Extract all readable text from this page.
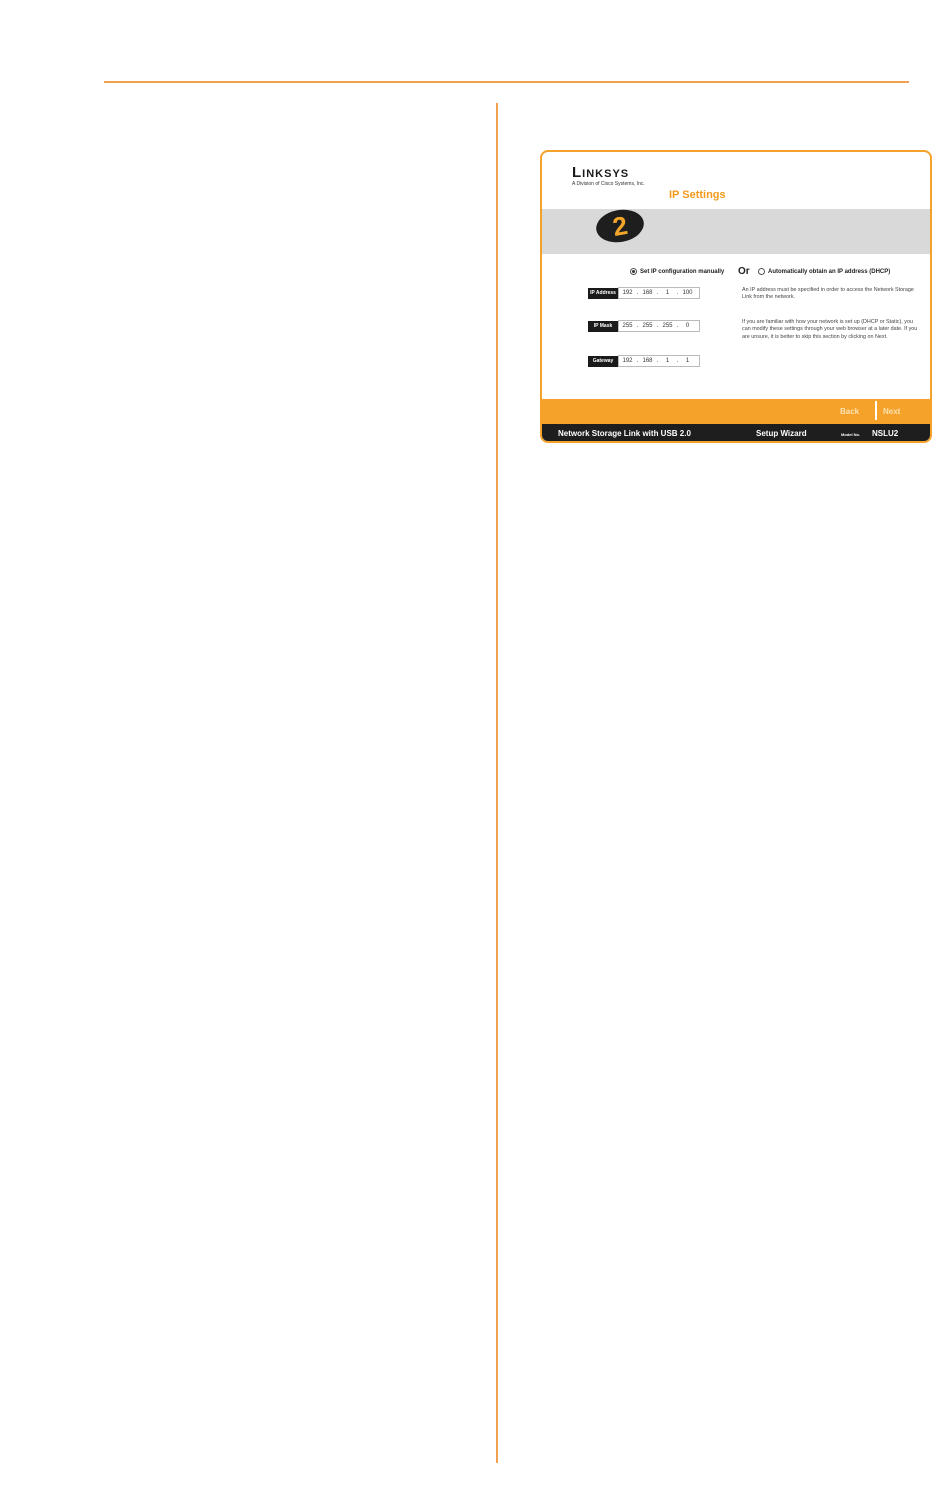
Linksys
A Division of Cisco Systems, Inc.
IP Settings
2
Set IP configuration manually Or	Automatically obtain an IP address (DHCP)
IP Address	192 . 168 .	1	. 100
IP Mask	255 . 255 . 255 .	0
Gateway	192 . 168 .	1	.	1
An IP address must be specified in order to access the Network Storage Link from the network.
If you are familiar with how your network is set up (DHCP or Static), you can modify these settings through your web browser at a later date. If you are unsure, it is better to skip this section by clicking on Next.
Back	Next
Network Storage Link with USB 2.0	Setup Wizard	Model No. NSLU2
